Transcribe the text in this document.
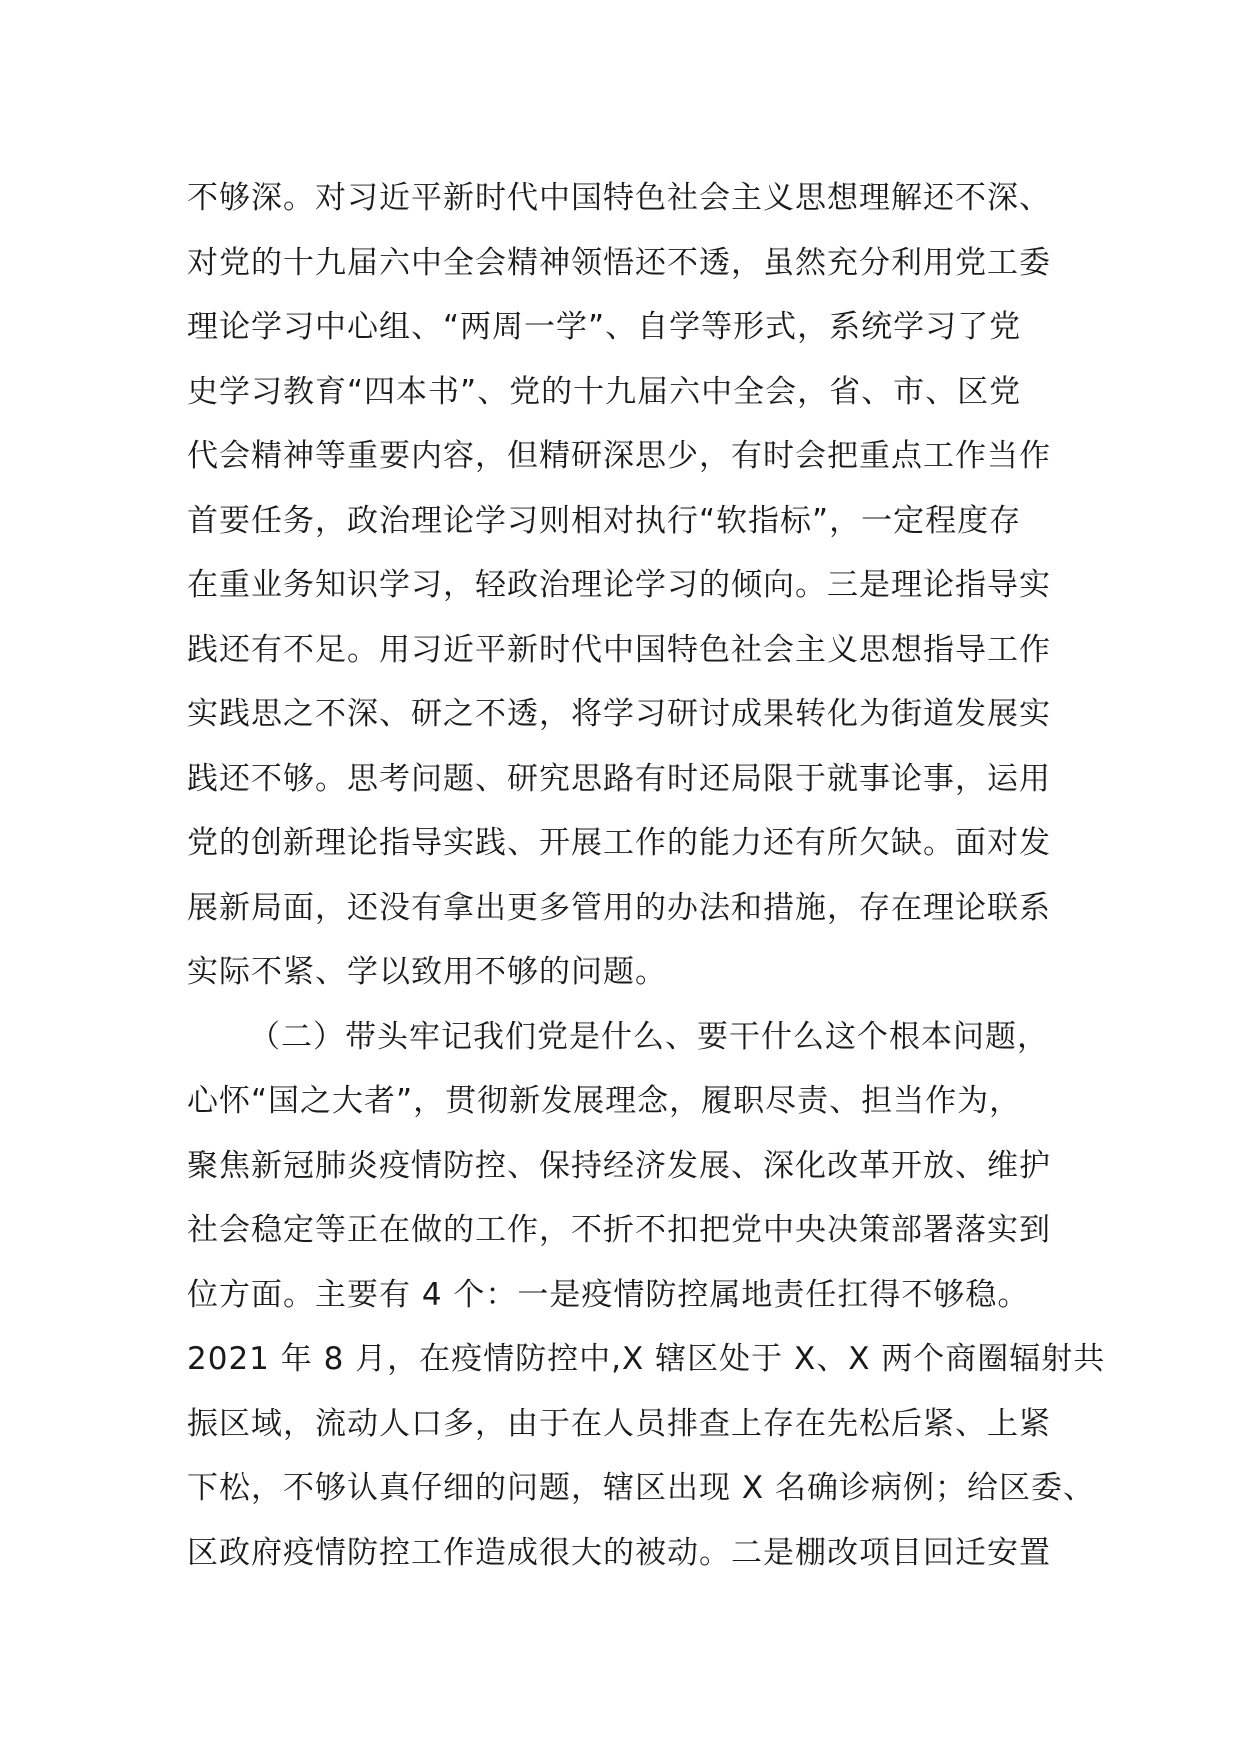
不够深。对习近平新时代中国特色社会主义思想理解还不深、
对党的十九届六中全会精神领悟还不透，虽然充分利用党工委
理论学习中心组、“两周一学”、自学等形式，系统学习了党
史学习教育“四本书”、党的十九届六中全会，省、市、区党
代会精神等重要内容，但精研深思少，有时会把重点工作当作
首要任务，政治理论学习则相对执行“软指标”，一定程度存
在重业务知识学习，轻政治理论学习的倾向。三是理论指导实
践还有不足。用习近平新时代中国特色社会主义思想指导工作
实践思之不深、研之不透，将学习研讨成果转化为街道发展实
践还不够。思考问题、研究思路有时还局限于就事论事，运用
党的创新理论指导实践、开展工作的能力还有所欠缺。面对发
展新局面，还没有拿出更多管用的办法和措施，存在理论联系
实际不紧、学以致用不够的问题。
（二）带头牢记我们党是什么、要干什么这个根本问题，
心怀“国之大者”，贯彻新发展理念，履职尽责、担当作为，
聚焦新冠肺炎疫情防控、保持经济发展、深化改革开放、维护
社会稳定等正在做的工作，不折不扣把党中央决策部署落实到
位方面。主要有 4 个：一是疫情防控属地责任扛得不够稳。
2021 年 8 月，在疫情防控中,X 辖区处于 X、X 两个商圈辐射共
振区域，流动人口多，由于在人员排查上存在先松后紧、上紧
下松，不够认真仔细的问题，辖区出现 X 名确诊病例；给区委、
区政府疫情防控工作造成很大的被动。二是棚改项目回迁安置
